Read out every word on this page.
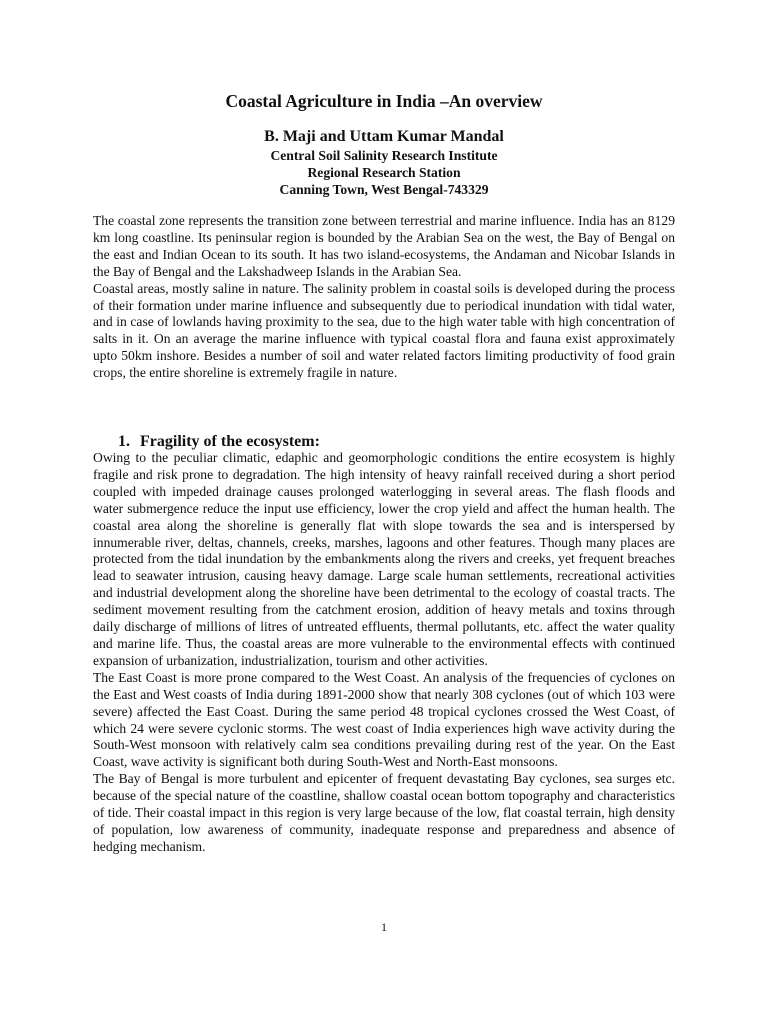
Coastal Agriculture in India –An overview
B. Maji and Uttam Kumar Mandal
Central Soil Salinity Research Institute
Regional Research Station
Canning Town, West Bengal-743329

The coastal zone represents the transition zone between terrestrial and marine influence. India has an 8129 km long coastline. Its peninsular region is bounded by the Arabian Sea on the west, the Bay of Bengal on the east and Indian Ocean to its south. It has two island-ecosystems, the Andaman and Nicobar Islands in the Bay of Bengal and the Lakshadweep Islands in the Arabian Sea.

Coastal areas, mostly saline in nature. The salinity problem in coastal soils is developed during the process of their formation under marine influence and subsequently due to periodical inundation with tidal water, and in case of lowlands having proximity to the sea, due to the high water table with high concentration of salts in it. On an average the marine influence with typical coastal flora and fauna exist approximately upto 50km inshore. Besides a number of soil and water related factors limiting productivity of food grain crops, the entire shoreline is extremely fragile in nature.

1. Fragility of the ecosystem:

Owing to the peculiar climatic, edaphic and geomorphologic conditions the entire ecosystem is highly fragile and risk prone to degradation. The high intensity of heavy rainfall received during a short period coupled with impeded drainage causes prolonged waterlogging in several areas. The flash floods and water submergence reduce the input use efficiency, lower the crop yield and affect the human health. The coastal area along the shoreline is generally flat with slope towards the sea and is interspersed by innumerable river, deltas, channels, creeks, marshes, lagoons and other features. Though many places are protected from the tidal inundation by the embankments along the rivers and creeks, yet frequent breaches lead to seawater intrusion, causing heavy damage. Large scale human settlements, recreational activities and industrial development along the shoreline have been detrimental to the ecology of coastal tracts. The sediment movement resulting from the catchment erosion, addition of heavy metals and toxins through daily discharge of millions of litres of untreated effluents, thermal pollutants, etc. affect the water quality and marine life. Thus, the coastal areas are more vulnerable to the environmental effects with continued expansion of urbanization, industrialization, tourism and other activities.

The East Coast is more prone compared to the West Coast. An analysis of the frequencies of cyclones on the East and West coasts of India during 1891-2000 show that nearly 308 cyclones (out of which 103 were severe) affected the East Coast. During the same period 48 tropical cyclones crossed the West Coast, of which 24 were severe cyclonic storms. The west coast of India experiences high wave activity during the South-West monsoon with relatively calm sea conditions prevailing during rest of the year. On the East Coast, wave activity is significant both during South-West and North-East monsoons.

The Bay of Bengal is more turbulent and epicenter of frequent devastating Bay cyclones, sea surges etc. because of the special nature of the coastline, shallow coastal ocean bottom topography and characteristics of tide. Their coastal impact in this region is very large because of the low, flat coastal terrain, high density of population, low awareness of community, inadequate response and preparedness and absence of hedging mechanism.

1
